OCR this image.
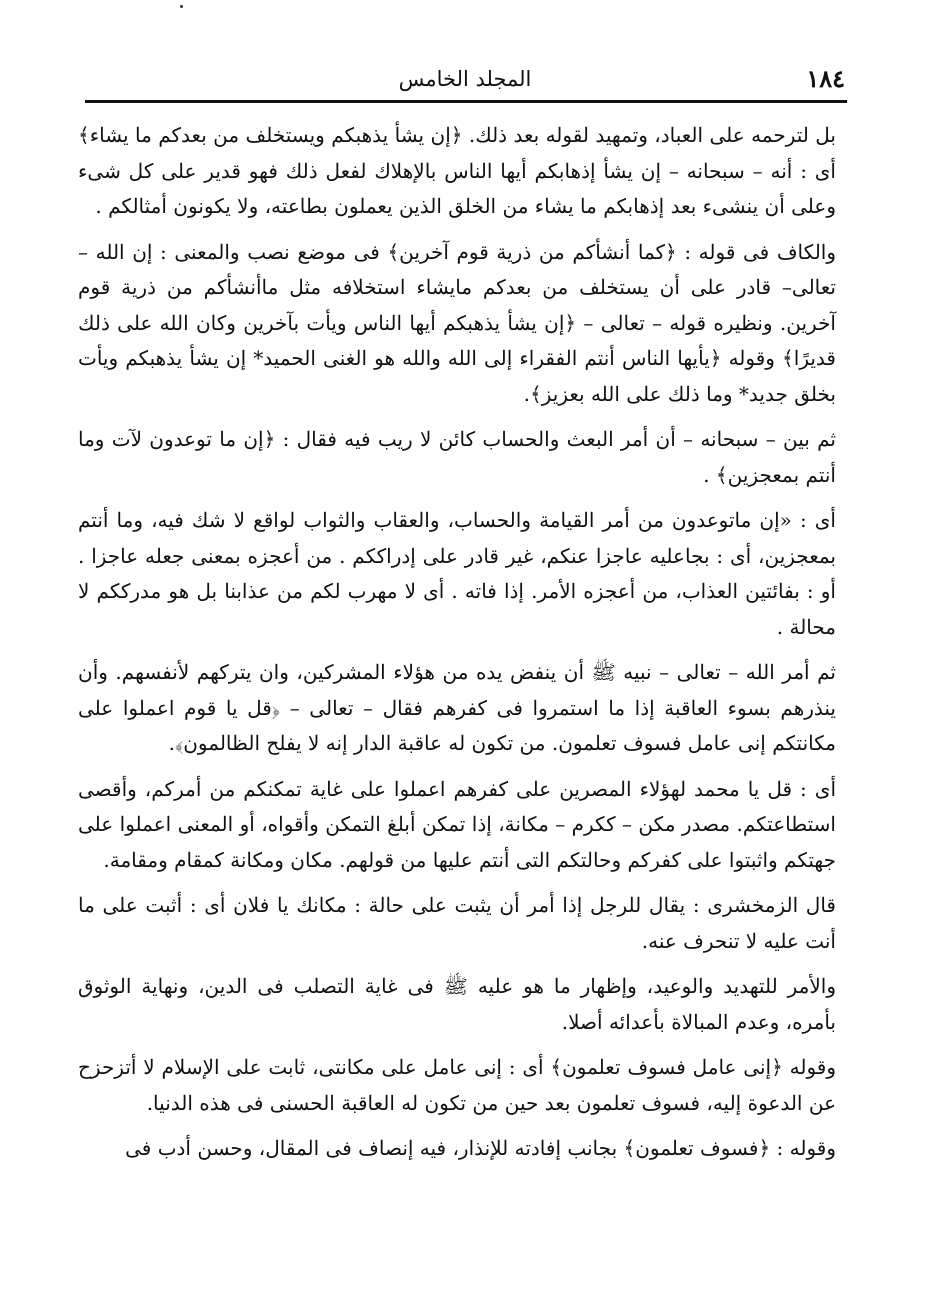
١٨٤
المجلد الخامس

بل لترحمه على العباد، وتمهيد لقوله بعد ذلك. ﴿إن يشأ يذهبكم ويستخلف من بعدكم ما يشاء﴾ أى : أنه – سبحانه – إن يشأ إذهابكم أيها الناس بالإهلاك لفعل ذلك فهو قدير على كل شىء وعلى أن ينشىء بعد إذهابكم ما يشاء من الخلق الذين يعملون بطاعته، ولا يكونون أمثالكم .

والكاف فى قوله : ﴿كما أنشأكم من ذرية قوم آخرين﴾ فى موضع نصب والمعنى : إن الله – تعالى– قادر على أن يستخلف من بعدكم مايشاء استخلافه مثل ماأنشأكم من ذرية قوم آخرين. ونظيره قوله – تعالى – ﴿إن يشأ يذهبكم أيها الناس ويأت بآخرين وكان الله على ذلك قديرًا﴾ وقوله ﴿يأيها الناس أنتم الفقراء إلى الله والله هو الغنى الحميد* إن يشأ يذهبكم ويأت بخلق جديد* وما ذلك على الله بعزيز﴾.

ثم بين – سبحانه – أن أمر البعث والحساب كائن لا ريب فيه فقال : ﴿إن ما توعدون لآت وما أنتم بمعجزين﴾ .

أى : «إن ماتوعدون من أمر القيامة والحساب، والعقاب والثواب لواقع لا شك فيه، وما أنتم بمعجزين، أى : بجاعليه عاجزا عنكم، غير قادر على إدراككم . من أعجزه بمعنى جعله عاجزا . أو : بفائتين العذاب، من أعجزه الأمر. إذا فاته . أى لا مهرب لكم من عذابنا بل هو مدرككم لا محالة .

ثم أمر الله – تعالى – نبيه ﷺ أن ينفض يده من هؤلاء المشركين، وان يتركهم لأنفسهم. وأن ينذرهم بسوء العاقبة إذا ما استمروا فى كفرهم فقال – تعالى – ﴿قل يا قوم اعملوا على مكانتكم إنى عامل فسوف تعلمون. من تكون له عاقبة الدار إنه لا يفلح الظالمون﴾.

أى : قل يا محمد لهؤلاء المصرين على كفرهم اعملوا على غاية تمكنكم من أمركم، وأقصى استطاعتكم. مصدر مكن – ككرم – مكانة، إذا تمكن أبلغ التمكن وأقواه، أو المعنى اعملوا على جهتكم واثبتوا على كفركم وحالتكم التى أنتم عليها من قولهم. مكان ومكانة كمقام ومقامة.

قال الزمخشرى : يقال للرجل إذا أمر أن يثبت على حالة : مكانك يا فلان أى : أثبت على ما أنت عليه لا تنحرف عنه.

والأمر للتهديد والوعيد، وإظهار ما هو عليه ﷺ فى غاية التصلب فى الدين، ونهاية الوثوق بأمره، وعدم المبالاة بأعدائه أصلا.

وقوله ﴿إنى عامل فسوف تعلمون﴾ أى : إنى عامل على مكانتى، ثابت على الإسلام لا أتزحزح عن الدعوة إليه، فسوف تعلمون بعد حين من تكون له العاقبة الحسنى فى هذه الدنيا.

وقوله : ﴿فسوف تعلمون﴾ بجانب إفادته للإنذار، فيه إنصاف فى المقال، وحسن أدب فى
